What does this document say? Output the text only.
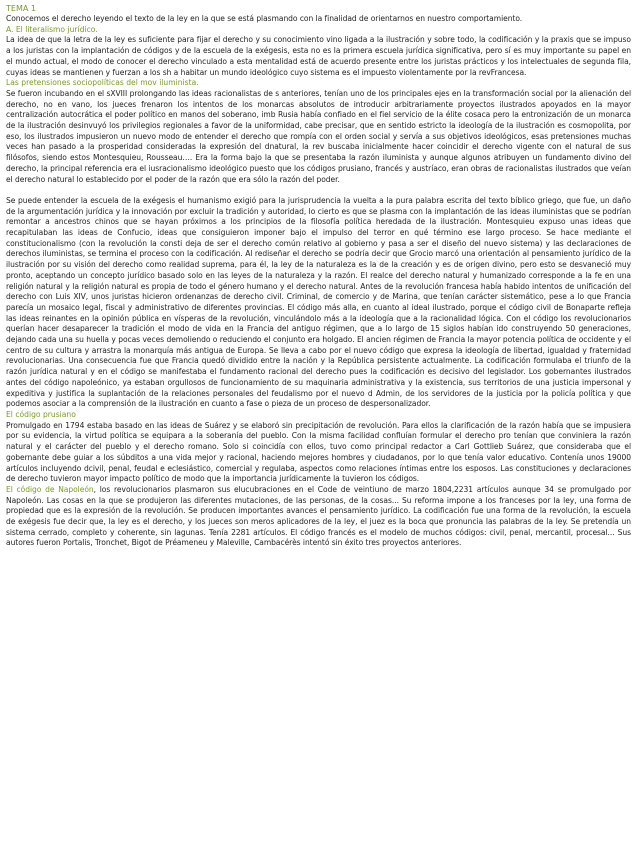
TEMA 1

Conocemos el derecho leyendo el texto de la ley en la que se está plasmando con la finalidad de orientarnos en nuestro comportamiento.

A. El literalismo jurídico.

La idea de que la letra de la ley es suficiente para fijar el derecho y su conocimiento vino ligada a la ilustración y sobre todo, la codificación y la praxis que se impuso a los juristas con la implantación de códigos y de la escuela de la exégesis, esta no es la primera escuela jurídica significativa, pero sí es muy importante su papel en el mundo actual, el modo de conocer el derecho vinculado a esta mentalidad está de acuerdo presente entre los juristas prácticos y los intelectuales de segunda fila, cuyas ideas se mantienen y fuerzan a los sh a habitar un mundo ideológico cuyo sistema es el impuesto violentamente por la revFrancesa.

Las pretensiones sociopolíticas del mov iluminista.

Se fueron incubando en el sXVIII prolongando las ideas racionalistas de s anteriores, tenían uno de los principales ejes en la transformación social por la alienación del derecho, no en vano, los jueces frenaron los intentos de los monarcas absolutos de introducir arbitrariamente proyectos ilustrados apoyados en la mayor centralización autocrática el poder político en manos del soberano, imb Rusia había confiado en el fiel servicio de la élite cosaca pero la entronización de un monarca de la ilustración desinvuyó los privilegios regionales a favor de la uniformidad, cabe precisar, que en sentido estricto la ideología de la ilustración es cosmopolita, por eso, los ilustrados impusieron un nuevo modo de entender el derecho que rompía con el orden social y servía a sus objetivos ideológicos, esas pretensiones muchas veces han pasado a la prosperidad consideradas la expresión del dnatural, la rev buscaba inicialmente hacer coincidir el derecho vigente con el natural de sus filósofos, siendo estos Montesquieu, Rousseau…. Era la forma bajo la que se presentaba la razón iluminista y aunque algunos atribuyen un fundamento divino del derecho, la principal referencia era el iusracionalismo ideológico puesto que los códigos prusiano, francés y austríaco, eran obras de racionalistas ilustrados que veían el derecho natural lo establecido por el poder de la razón que era sólo la razón del poder.

Se puede entender la escuela de la exégesis el humanismo exigió para la jurisprudencia la vuelta a la pura palabra escrita del texto bíblico griego, que fue, un daño de la argumentación jurídica y la innovación por excluir la tradición y autoridad, lo cierto es que se plasma con la implantación de las ideas iluministas que se podrían remontar a ancestros chinos que se hayan próximos a los principios de la filosofía política heredada de la ilustración. Montesquieu expuso unas ideas que recapitulaban las ideas de Confucio, ideas que consiguieron imponer bajo el impulso del terror en qué término ese largo proceso. Se hace mediante el constitucionalismo (con la revolución la consti deja de ser el derecho común relativo al gobierno y pasa a ser el diseño del nuevo sistema) y las declaraciones de derechos iluministas, se termina el proceso con la codificación. Al rediseñar el derecho se podría decir que Grocio marcó una orientación al pensamiento jurídico de la ilustración por su visión del derecho como realidad suprema, para él, la ley de la naturaleza es la de la creación y es de origen divino, pero esto se desvaneció muy pronto, aceptando un concepto jurídico basado solo en las leyes de la naturaleza y la razón. El realce del derecho natural y humanizado corresponde a la fe en una religión natural y la religión natural es propia de todo el género humano y el derecho natural. Antes de la revolución francesa había habido intentos de unificación del derecho con Luis XIV, unos juristas hicieron ordenanzas de derecho civil. Criminal, de comercio y de Marina, que tenían carácter sistemático, pese a lo que Francia parecía un mosaico legal, fiscal y administrativo de diferentes provincias. El código más alla, en cuanto al ideal ilustrado, porque el código civil de Bonaparte refleja las ideas reinantes en la opinión pública en vísperas de la revolución, vinculándolo más a la ideología que a la racionalidad lógica. Con el código los revolucionarios querían hacer desaparecer la tradición el modo de vida en la Francia del antiguo régimen, que a lo largo de 15 siglos habían ido construyendo 50 generaciones, dejando cada una su huella y pocas veces demoliendo o reduciendo el conjunto era holgado. El ancien régimen de Francia la mayor potencia política de occidente y el centro de su cultura y arrastra la monarquía más antigua de Europa. Se lleva a cabo por el nuevo código que expresa la ideología de libertad, igualdad y fraternidad revolucionarias. Una consecuencia fue que Francia quedó dividido entre la nación y la República persistente actualmente. La codificación formulaba el triunfo de la razón jurídica natural y en el código se manifestaba el fundamento racional del derecho pues la codificación es decisivo del legislador. Los gobernantes ilustrados antes del código napoleónico, ya estaban orgullosos de funcionamiento de su maquinaria administrativa y la existencia, sus territorios de una justicia impersonal y expeditiva y justifica la suplantación de la relaciones personales del feudalismo por el nuevo d Admin, de los servidores de la justicia por la policía política y que podemos asociar a la comprensión de la ilustración en cuanto a fase o pieza de un proceso de despersonalizador.

El código prusiano

Promulgado en 1794 estaba basado en las ideas de Suárez y se elaboró sin precipitación de revolución. Para ellos la clarificación de la razón había que se impusiera por su evidencia, la virtud política se equipara a la soberanía del pueblo. Con la misma facilidad confluían formular el derecho pro tenían que conviniera la razón natural y el carácter del pueblo y el derecho romano. Solo si coincidía con ellos, tuvo como principal redactor a Carl Gottlieb Suárez, que consideraba que el gobernante debe guiar a los súbditos a una vida mejor y racional, haciendo mejores hombres y ciudadanos, por lo que tenía valor educativo. Contenía unos 19000 artículos incluyendo dcivil, penal, feudal e eclesiástico, comercial y regulaba, aspectos como relaciones íntimas entre los esposos. Las constituciones y declaraciones de derecho tuvieron mayor impacto político de modo que la importancia jurídicamente la tuvieron los códigos.

El código de Napoleón, los revolucionarios plasmaron sus elucubraciones en el Code de veintiuno de marzo 1804,2231 artículos aunque 34 se promulgado por Napoleón. Las cosas en la que se produjeron las diferentes mutaciones, de las personas, de la cosas... Su reforma impone a los franceses por la ley, una forma de propiedad que es la expresión de la revolución. Se producen importantes avances el pensamiento jurídico. La codificación fue una forma de la revolución, la escuela de exégesis fue decir que, la ley es el derecho, y los jueces son meros aplicadores de la ley, el juez es la boca que pronuncia las palabras de la ley. Se pretendía un sistema cerrado, completo y coherente, sin lagunas. Tenía 2281 artículos. El código francés es el modelo de muchos códigos: civil, penal, mercantil, procesal... Sus autores fueron Portalis, Tronchet, Bigot de Préameneu y Maleville, Cambacérès intentó sin éxito tres proyectos anteriores.
